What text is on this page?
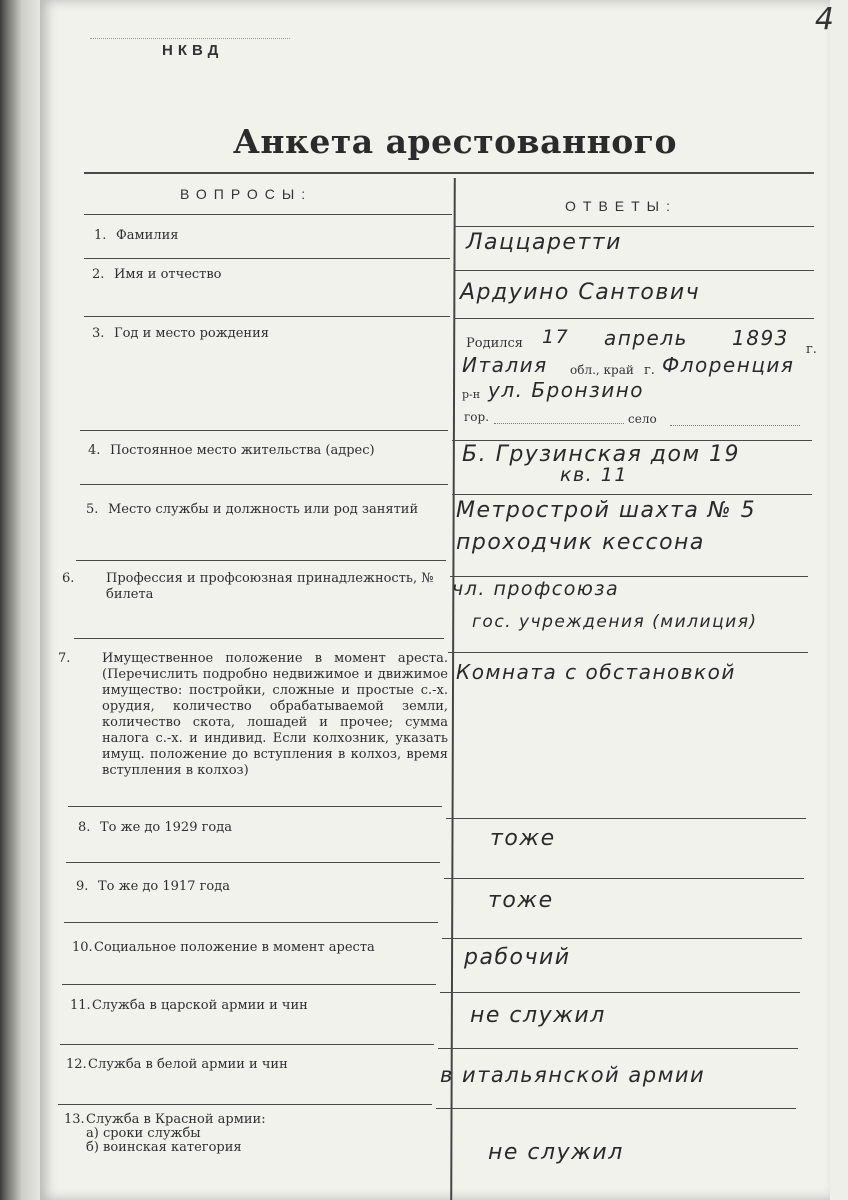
4
НКВД
Анкета арестованного
ВОПРОСЫ:
ОТВЕТЫ:
1. Фамилия
2. Имя и отчество
3. Год и место рождения
4. Постоянное место жительства (адрес)
5. Место службы и должность или род занятий
6. Профессия и профсоюзная принадлежность, № билета
7. Имущественное положение в момент ареста. (Перечислить подробно недвижимое и движимое имущество: постройки, сложные и простые с.-х. орудия, количество обрабатываемой земли, количество скота, лошадей и прочее; сумма налога с.-х. и индивид. Если колхозник, указать имущ. положение до вступления в колхоз, время вступления в колхоз)
8. То же до 1929 года
9. То же до 1917 года
10.Социальное положение в момент ареста
11.Служба в царской армии и чин
12.Служба в белой армии и чин
13.Служба в Красной армии:
а) сроки службы
б) воинская категория
Лаццаретти
Ардуино Сантович
Родился 17 апрель 1893 г.
Италия обл., край г. Флоренция
р-н ул. Бронзино
гор.	село
Б. Грузинская дом 19
кв. 11
Метрострой шахта № 5
проходчик кессона
чл. профсоюза
гос. учреждения (милиция)
Комната с обстановкой
тоже
тоже
рабочий
не служил
в итальянской армии
не служил
